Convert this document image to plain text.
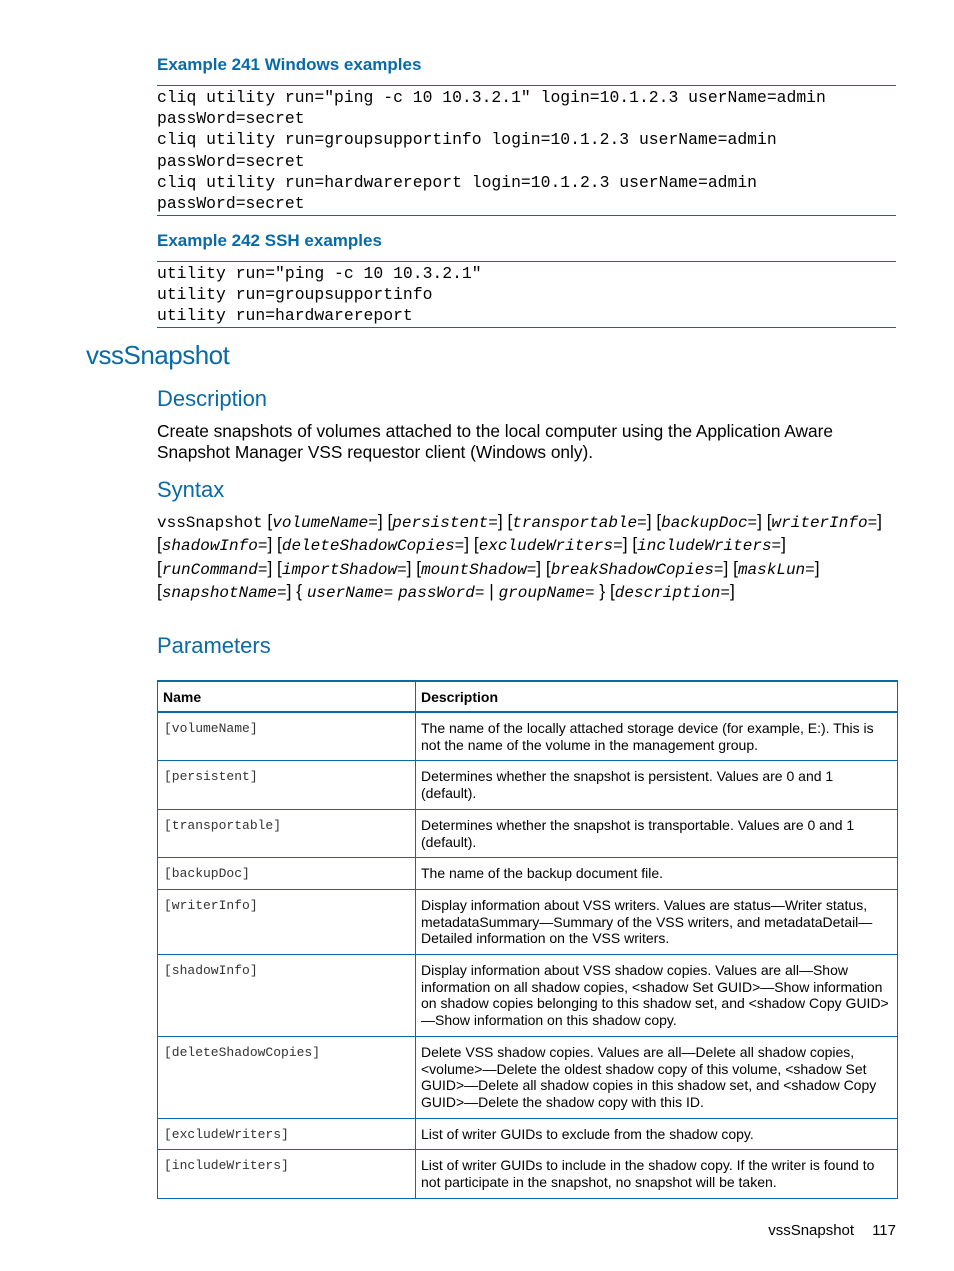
Example 241 Windows examples
cliq utility run="ping -c 10 10.3.2.1" login=10.1.2.3 userName=admin
passWord=secret
cliq utility run=groupsupportinfo login=10.1.2.3 userName=admin
passWord=secret
cliq utility run=hardwarereport login=10.1.2.3 userName=admin
passWord=secret
Example 242 SSH examples
utility run="ping -c 10 10.3.2.1"
utility run=groupsupportinfo
utility run=hardwarereport
vssSnapshot
Description
Create snapshots of volumes attached to the local computer using the Application Aware Snapshot Manager VSS requestor client (Windows only).
Syntax
vssSnapshot [volumeName=] [persistent=] [transportable=] [backupDoc=] [writerInfo=] [shadowInfo=] [deleteShadowCopies=] [excludeWriters=] [includeWriters=] [runCommand=] [importShadow=] [mountShadow=] [breakShadowCopies=] [maskLun=] [snapshotName=] { userName= passWord= | groupName= } [description=]
Parameters
Name	Description
[volumeName]	The name of the locally attached storage device (for example, E:). This is not the name of the volume in the management group.
[persistent]	Determines whether the snapshot is persistent. Values are 0 and 1 (default).
[transportable]	Determines whether the snapshot is transportable. Values are 0 and 1 (default).
[backupDoc]	The name of the backup document file.
[writerInfo]	Display information about VSS writers. Values are status—Writer status, metadataSummary—Summary of the VSS writers, and metadataDetail—Detailed information on the VSS writers.
[shadowInfo]	Display information about VSS shadow copies. Values are all—Show information on all shadow copies, <shadow Set GUID>—Show information on shadow copies belonging to this shadow set, and <shadow Copy GUID>—Show information on this shadow copy.
[deleteShadowCopies]	Delete VSS shadow copies. Values are all—Delete all shadow copies, <volume>—Delete the oldest shadow copy of this volume, <shadow Set GUID>—Delete all shadow copies in this shadow set, and <shadow Copy GUID>—Delete the shadow copy with this ID.
[excludeWriters]	List of writer GUIDs to exclude from the shadow copy.
[includeWriters]	List of writer GUIDs to include in the shadow copy. If the writer is found to not participate in the snapshot, no snapshot will be taken.
vssSnapshot 117
